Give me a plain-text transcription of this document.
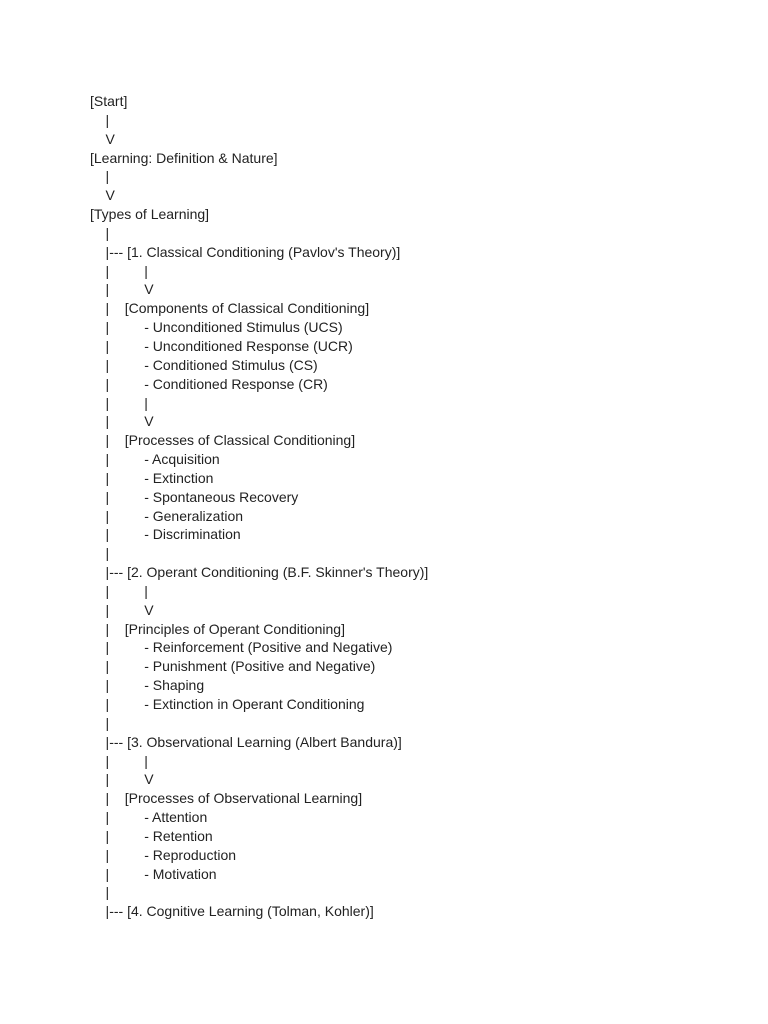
[Start]
|
V
[Learning: Definition & Nature]
|
V
[Types of Learning]
|
|--- [1. Classical Conditioning (Pavlov's Theory)]
|         |
|         V
|    [Components of Classical Conditioning]
|         - Unconditioned Stimulus (UCS)
|         - Unconditioned Response (UCR)
|         - Conditioned Stimulus (CS)
|         - Conditioned Response (CR)
|         |
|         V
|    [Processes of Classical Conditioning]
|         - Acquisition
|         - Extinction
|         - Spontaneous Recovery
|         - Generalization
|         - Discrimination
|
|--- [2. Operant Conditioning (B.F. Skinner's Theory)]
|         |
|         V
|    [Principles of Operant Conditioning]
|         - Reinforcement (Positive and Negative)
|         - Punishment (Positive and Negative)
|         - Shaping
|         - Extinction in Operant Conditioning
|
|--- [3. Observational Learning (Albert Bandura)]
|         |
|         V
|    [Processes of Observational Learning]
|         - Attention
|         - Retention
|         - Reproduction
|         - Motivation
|
|--- [4. Cognitive Learning (Tolman, Kohler)]
